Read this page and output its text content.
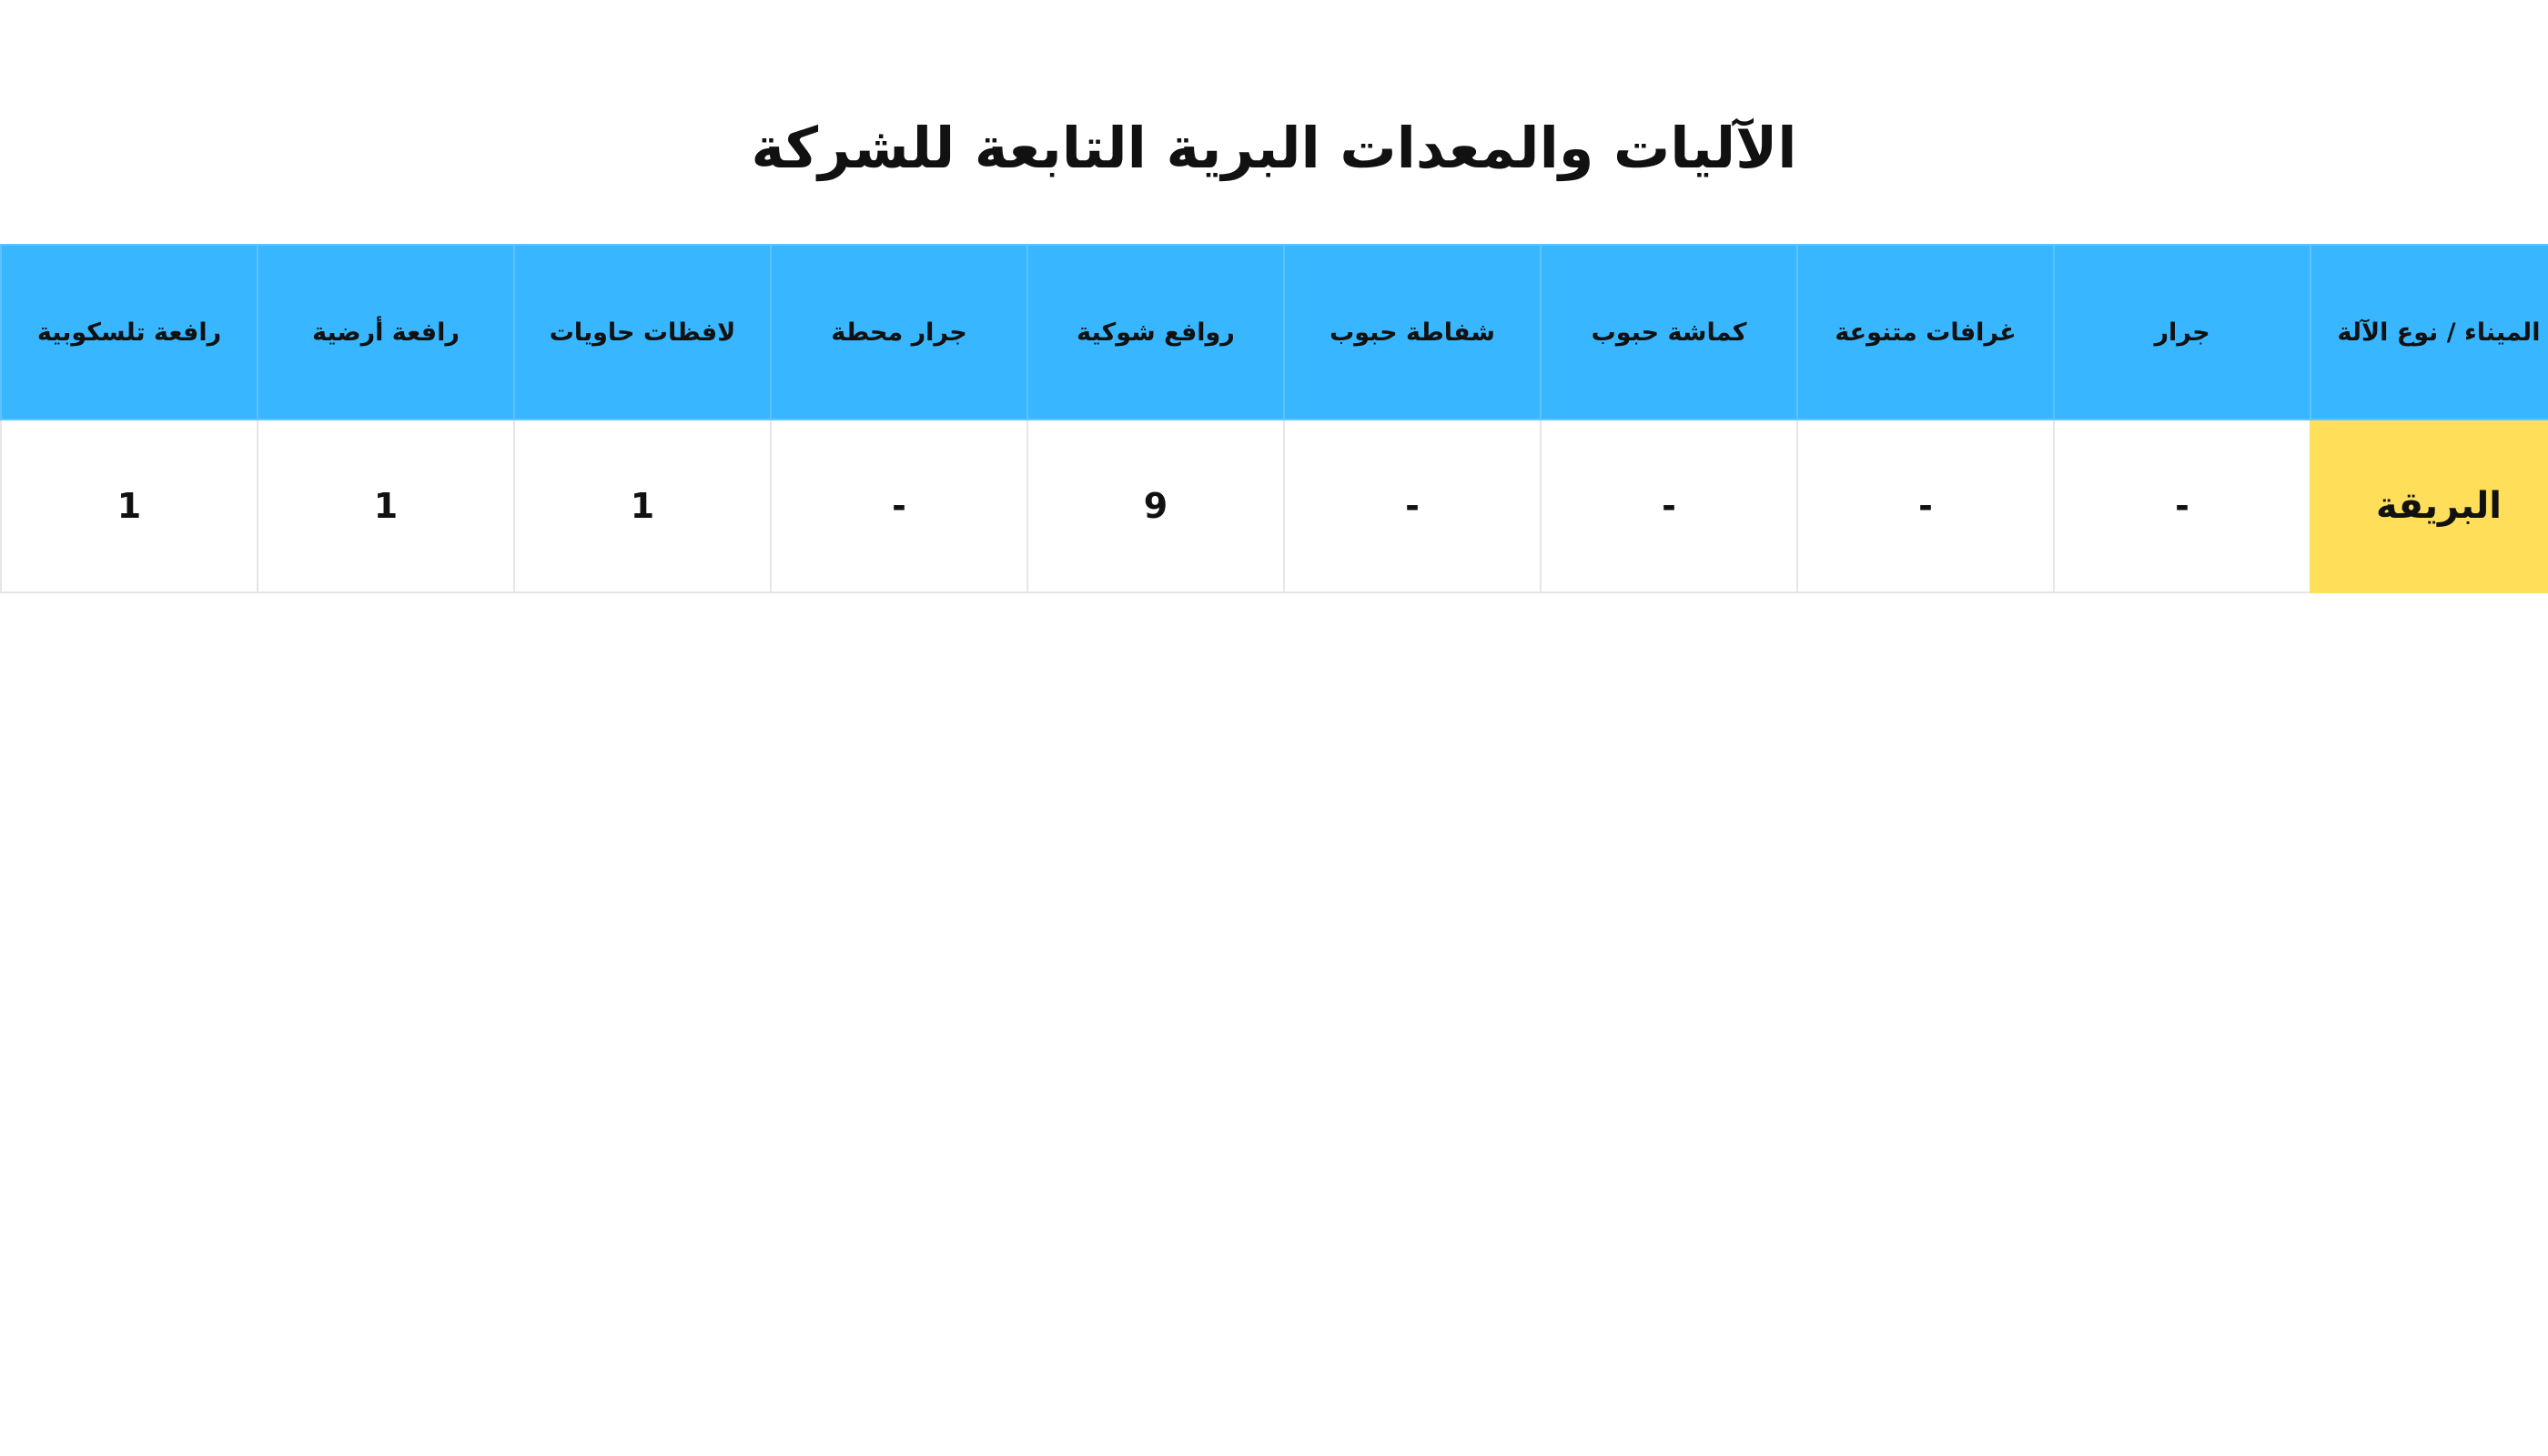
الآليات والمعدات البرية التابعة للشركة
الميناء / نوع الآلة	جرار	غرافات متنوعة	كماشة حبوب	شفاطة حبوب	روافع شوكية	جرار محطة	لافظات حاويات	رافعة أرضية	رافعة تلسكوبية
البريقة	-	-	-	-	9	-	1	1	1
